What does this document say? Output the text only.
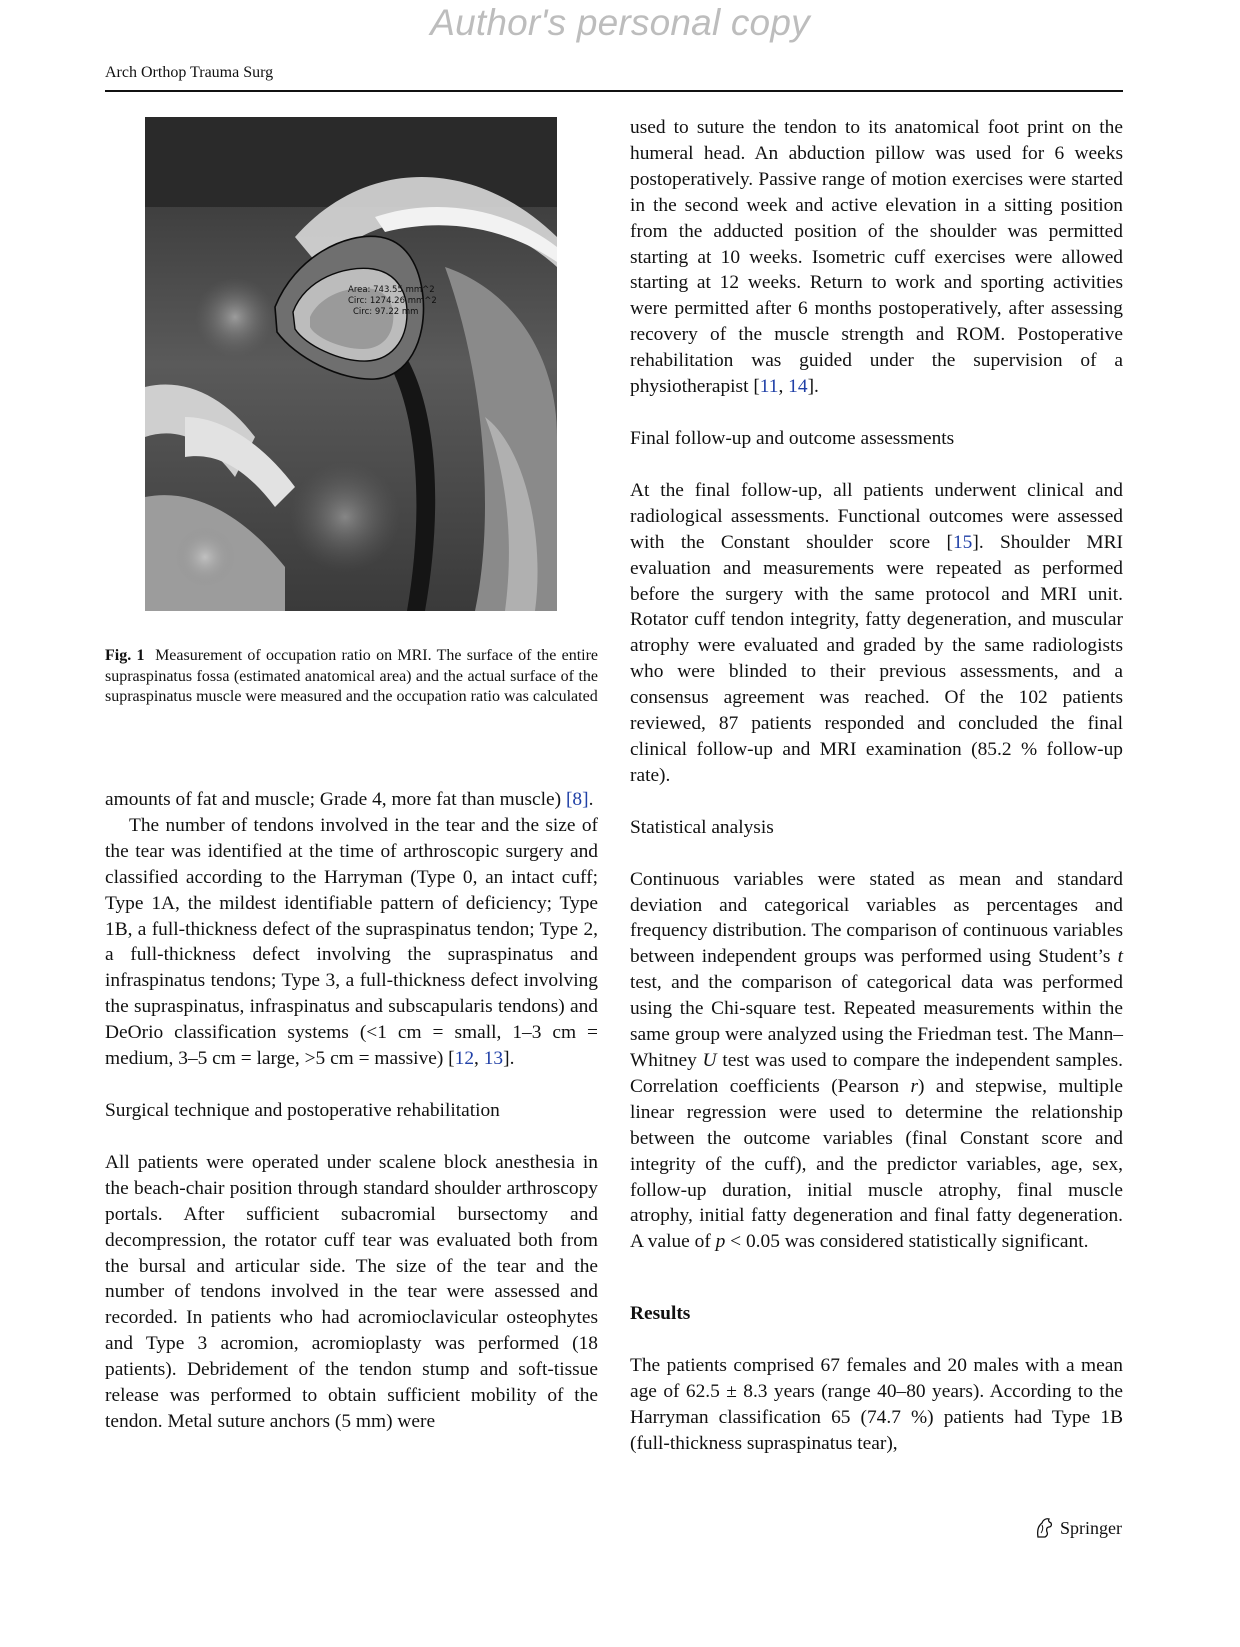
Author's personal copy
Arch Orthop Trauma Surg
Area: 743.55 mm^2
Circ: 1274.26 mm^2
Circ: 97.22 mm
Fig. 1 Measurement of occupation ratio on MRI. The surface of the entire supraspinatus fossa (estimated anatomical area) and the actual surface of the supraspinatus muscle were measured and the occupation ratio was calculated

amounts of fat and muscle; Grade 4, more fat than muscle) [8].

The number of tendons involved in the tear and the size of the tear was identified at the time of arthroscopic surgery and classified according to the Harryman (Type 0, an intact cuff; Type 1A, the mildest identifiable pattern of deficiency; Type 1B, a full-thickness defect of the supraspinatus tendon; Type 2, a full-thickness defect involving the supraspinatus and infraspinatus tendons; Type 3, a full-thickness defect involving the supraspinatus, infraspinatus and subscapularis tendons) and DeOrio classification systems (<1 cm = small, 1–3 cm = medium, 3–5 cm = large, >5 cm = massive) [12, 13].

Surgical technique and postoperative rehabilitation

All patients were operated under scalene block anesthesia in the beach-chair position through standard shoulder arthroscopy portals. After sufficient subacromial bursectomy and decompression, the rotator cuff tear was evaluated both from the bursal and articular side. The size of the tear and the number of tendons involved in the tear were assessed and recorded. In patients who had acromioclavicular osteophytes and Type 3 acromion, acromioplasty was performed (18 patients). Debridement of the tendon stump and soft-tissue release was performed to obtain sufficient mobility of the tendon. Metal suture anchors (5 mm) were

used to suture the tendon to its anatomical foot print on the humeral head. An abduction pillow was used for 6 weeks postoperatively. Passive range of motion exercises were started in the second week and active elevation in a sitting position from the adducted position of the shoulder was permitted starting at 10 weeks. Isometric cuff exercises were allowed starting at 12 weeks. Return to work and sporting activities were permitted after 6 months postoperatively, after assessing recovery of the muscle strength and ROM. Postoperative rehabilitation was guided under the supervision of a physiotherapist [11, 14].

Final follow-up and outcome assessments

At the final follow-up, all patients underwent clinical and radiological assessments. Functional outcomes were assessed with the Constant shoulder score [15]. Shoulder MRI evaluation and measurements were repeated as performed before the surgery with the same protocol and MRI unit. Rotator cuff tendon integrity, fatty degeneration, and muscular atrophy were evaluated and graded by the same radiologists who were blinded to their previous assessments, and a consensus agreement was reached. Of the 102 patients reviewed, 87 patients responded and concluded the final clinical follow-up and MRI examination (85.2 % follow-up rate).

Statistical analysis

Continuous variables were stated as mean and standard deviation and categorical variables as percentages and frequency distribution. The comparison of continuous variables between independent groups was performed using Student’s t test, and the comparison of categorical data was performed using the Chi-square test. Repeated measurements within the same group were analyzed using the Friedman test. The Mann–Whitney U test was used to compare the independent samples. Correlation coefficients (Pearson r) and stepwise, multiple linear regression were used to determine the relationship between the outcome variables (final Constant score and integrity of the cuff), and the predictor variables, age, sex, follow-up duration, initial muscle atrophy, final muscle atrophy, initial fatty degeneration and final fatty degeneration. A value of p < 0.05 was considered statistically significant.

Results

The patients comprised 67 females and 20 males with a mean age of 62.5 ± 8.3 years (range 40–80 years). According to the Harryman classification 65 (74.7 %) patients had Type 1B (full-thickness supraspinatus tear),

Springer
